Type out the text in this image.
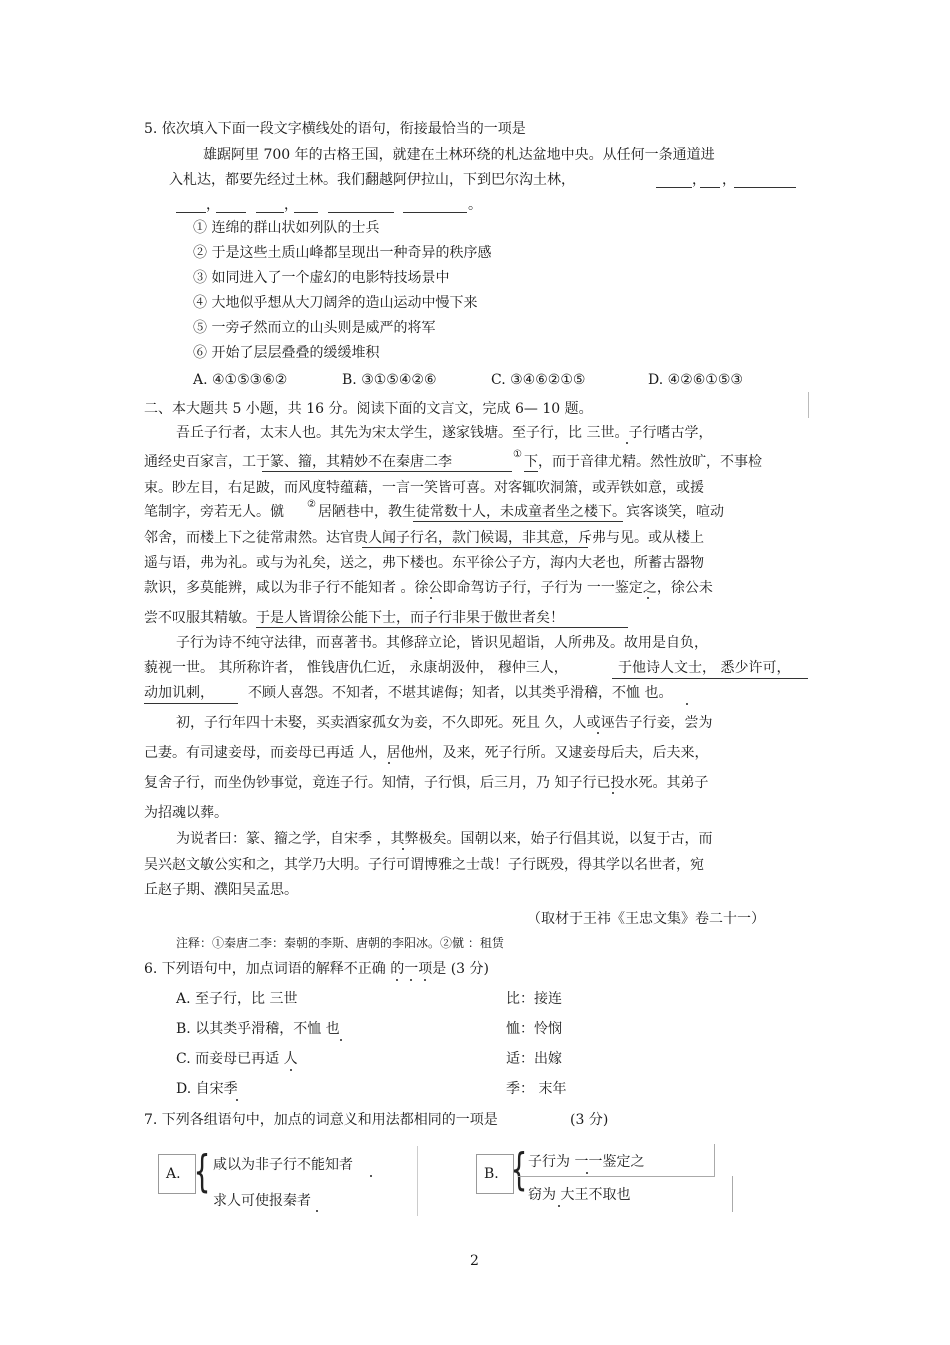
5. 依次填入下面一段文字横线处的语句，衔接最恰当的一项是
雄踞阿里 700 年的古格王国，就建在土林环绕的札达盆地中央。从任何一条通道进
入札达，都要先经过土林。我们翻越阿伊拉山，下到巴尔沟土林，	， ，
，	，	。
① 连绵的群山状如列队的士兵
② 于是这些土质山峰都呈现出一种奇异的秩序感
③ 如同进入了一个虚幻的电影特技场景中
④ 大地似乎想从大刀阔斧的造山运动中慢下来
⑤ 一旁孑然而立的山头则是威严的将军
⑥ 开始了层层叠叠的缓缓堆积
A. ④①⑤③⑥②	B. ③①⑤④②⑥	C. ③④⑥②①⑤	D. ④②⑥①⑤③
二、本大题共 5 小题，共 16 分。阅读下面的文言文，完成 6— 10 题。
吾丘子行者，太末人也。其先为宋太学生，遂家钱塘。至子行，比 三世。子行嗜古学，
通经史百家言，工于篆、籀，其精妙不在秦唐二李	① 下，而于音律尤精。然性放旷，不事检
束。眇左目，右足跛，而风度特蕴藉，一言一笑皆可喜。对客辄吹洞箫，或弄铁如意，或援
笔制字，旁若无人。僦 ② 居陋巷中，教生徒常数十人，未成童者坐之楼下。宾客谈笑，喧动
邻舍，而楼上下之徒常肃然。达官贵人闻子行名，款门候谒，非其意，斥弗与见。或从楼上
遥与语，弗为礼。或与为礼矣，送之，弗下楼也。东平徐公子方，海内大老也，所蓄古器物
款识，多莫能辨，咸以为非子行不能知者 。徐公即命驾访子行，子行为 一一鉴定之，徐公未
尝不叹服其精敏。于是人皆谓徐公能下士，而子行非果于傲世者矣！
子行为诗不纯守法律，而喜著书。其修辞立论，皆识见超诣，人所弗及。故用是自负，
藐视一世。 其所称许者， 惟钱唐仇仁近， 永康胡汲仲， 穆仲三人，	于他诗人文士， 悉少许可，
动加讥刺， 不顾人喜怨。不知者，不堪其谑侮；知者，以其类乎滑稽，不恤 也。
初，子行年四十未娶，买卖酒家孤女为妾，不久即死。死且 久，人或诬告子行妾，尝为
己妻。有司逮妾母，而妾母已再适 人，居他州，及来，死子行所。又逮妾母后夫，后夫来，
复舍子行，而坐伪钞事觉，竟连子行。知情，子行惧，后三月，乃 知子行已投水死。其弟子
为招魂以葬。
为说者曰：篆、籀之学，自宋季 ，其弊极矣。国朝以来，始子行倡其说，以复于古，而
吴兴赵文敏公实和之，其学乃大明。子行可谓博雅之士哉！子行既殁，得其学以名世者，宛
丘赵子期、濮阳吴孟思。
（取材于王祎《王忠文集》卷二十一）
注释：①秦唐二李：秦朝的李斯、唐朝的李阳冰。②僦 ：租赁
6. 下列语句中，加点词语的解释不正确 的一项是 (3 分)
A. 至子行，比 三世	比：接连
B. 以其类乎滑稽，不恤 也	恤：怜悯
C. 而妾母已再适 人	适：出嫁
D. 自宋季	季： 末年
7. 下列各组语句中，加点的词意义和用法都相同的一项是	(3 分)
A. { 咸以为非子行不能知者
求人可使报秦者
B. { 子行为 一一鉴定之
窃为 大王不取也
2
